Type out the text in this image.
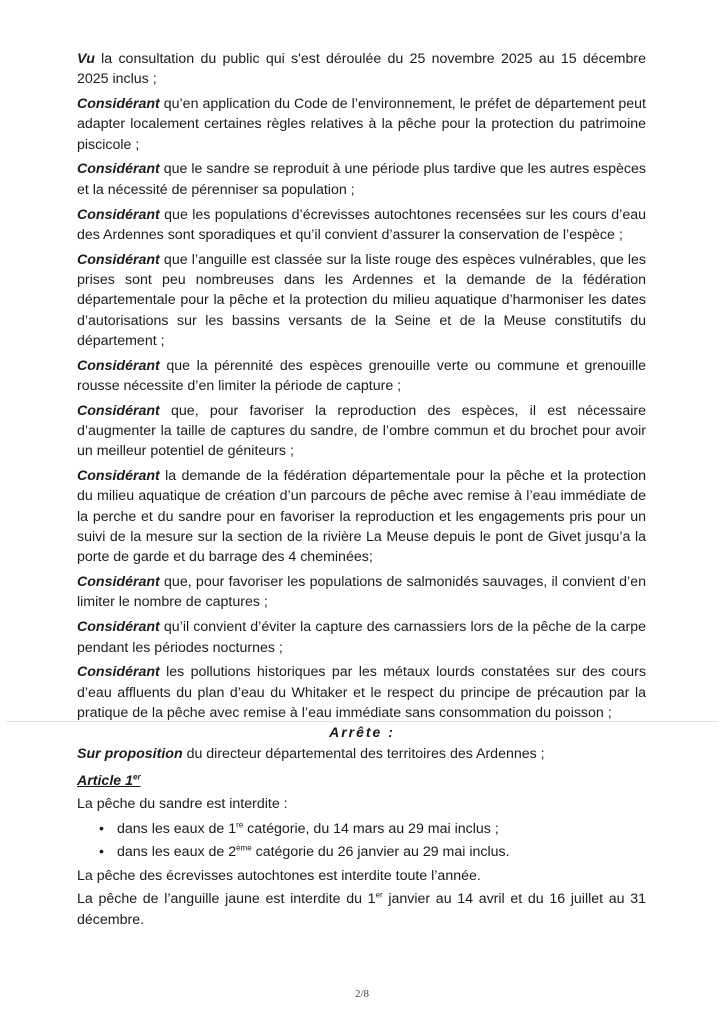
Vu la consultation du public qui s'est déroulée du 25 novembre 2025 au 15 décembre 2025 inclus ;

Considérant qu’en application du Code de l’environnement, le préfet de département peut adapter localement certaines règles relatives à la pêche pour la protection du patrimoine piscicole ;

Considérant que le sandre se reproduit à une période plus tardive que les autres espèces et la nécessité de pérenniser sa population ;

Considérant que les populations d’écrevisses autochtones recensées sur les cours d’eau des Ardennes sont sporadiques et qu’il convient d’assurer la conservation de l’espèce ;

Considérant que l’anguille est classée sur la liste rouge des espèces vulnérables, que les prises sont peu nombreuses dans les Ardennes et la demande de la fédération départementale pour la pêche et la protection du milieu aquatique d’harmoniser les dates d’autorisations sur les bassins versants de la Seine et de la Meuse constitutifs du département ;

Considérant que la pérennité des espèces grenouille verte ou commune et grenouille rousse nécessite d’en limiter la période de capture ;

Considérant que, pour favoriser la reproduction des espèces, il est nécessaire d’augmenter la taille de captures du sandre, de l’ombre commun et du brochet pour avoir un meilleur potentiel de géniteurs ;

Considérant la demande de la fédération départementale pour la pêche et la protection du milieu aquatique de création d’un parcours de pêche avec remise à l’eau immédiate de la perche et du sandre pour en favoriser la reproduction et les engagements pris pour un suivi de la mesure sur la section de la rivière La Meuse depuis le pont de Givet jusqu’a la porte de garde et du barrage des 4 cheminées;

Considérant que, pour favoriser les populations de salmonidés sauvages, il convient d’en limiter le nombre de captures ;

Considérant qu’il convient d’éviter la capture des carnassiers lors de la pêche de la carpe pendant les périodes nocturnes ;

Considérant les pollutions historiques par les métaux lourds constatées sur des cours d’eau affluents du plan d’eau du Whitaker et le respect du principe de précaution par la pratique de la pêche avec remise à l’eau immédiate sans consommation du poisson ;

Sur proposition du directeur départemental des territoires des Ardennes ;

Arrête :
Article 1er
La pêche du sandre est interdite :
• dans les eaux de 1re catégorie, du 14 mars au 29 mai inclus ;
• dans les eaux de 2ème catégorie du 26 janvier au 29 mai inclus.
La pêche des écrevisses autochtones est interdite toute l’année.
La pêche de l’anguille jaune est interdite du 1er janvier au 14 avril et du 16 juillet au 31 décembre.
2/8
